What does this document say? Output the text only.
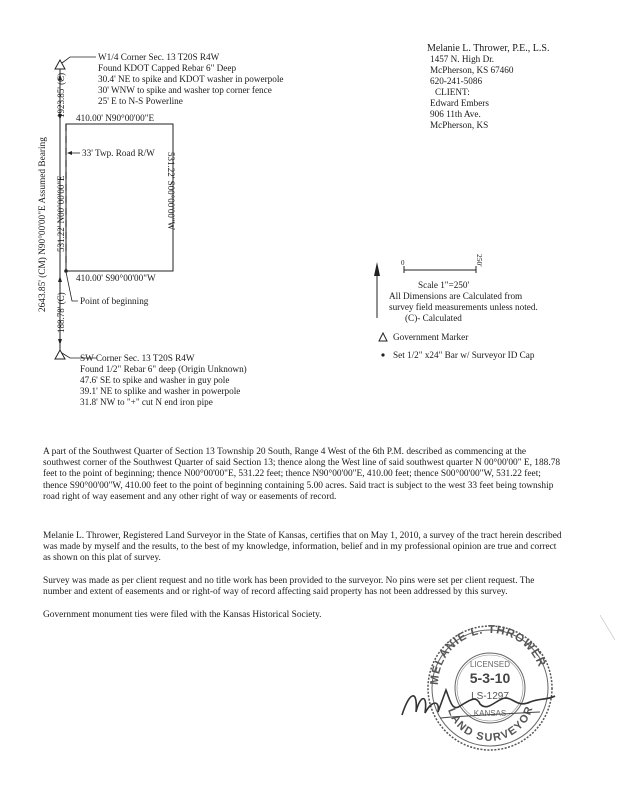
Melanie L. Thrower, P.E., L.S.
1457 N. High Dr.
McPherson, KS 67460
620-241-5086
CLIENT:
Edward Embers
906 11th Ave.
McPherson, KS
W1/4 Corner Sec. 13 T20S R4W
Found KDOT Capped Rebar 6" Deep
30.4' NE to spike and KDOT washer in powerpole
30' WNW to spike and washer top corner fence
25' E to N-S Powerline
410.00' N90°00'00"E
410.00' S90°00'00"W
33' Twp. Road R/W
Point of beginning
531.22' S00°00'00"W
531.22' N00°00'00"E
2643.85' (CM) N90°00'00"E Assumed Bearing
1923.85' (C)
188.78' (C)
SW Corner Sec. 13 T20S R4W
Found 1/2" Rebar 6" deep (Origin Unknown)
47.6' SE to spike and washer in guy pole
39.1' NE to splike and washer in powerpole
31.8' NW to "+" cut N end iron pipe
0	250'
Scale 1"=250'
All Dimensions are Calculated from
survey field measurements unless noted.
(C)- Calculated
Government Marker
Set 1/2" x24" Bar w/ Surveyor ID Cap
A part of the Southwest Quarter of Section 13 Township 20 South, Range 4 West of the 6th P.M. described as commencing at the southwest corner of the Southwest Quarter of said Section 13; thence along the West line of said southwest quarter N 00°00'00" E, 188.78 feet to the point of beginning; thence N00°00'00"E, 531.22 feet; thence N90°00'00"E, 410.00 feet; thence S00°00'00"W, 531.22 feet; thence S90°00'00"W, 410.00 feet to the point of beginning containing 5.00 acres. Said tract is subject to the west 33 feet being township road right of way easement and any other right of way or easements of record.
Melanie L. Thrower, Registered Land Surveyor in the State of Kansas, certifies that on May 1, 2010, a survey of the tract herein described was made by myself and the results, to the best of my knowledge, information, belief and in my professional opinion are true and correct as shown on this plat of survey.
Survey was made as per client request and no title work has been provided to the surveyor. No pins were set per client request. The number and extent of easements and or right-of way of record affecting said property has not been addressed by this survey.
Government monument ties were filed with the Kansas Historical Society.
MELANIE L. THROWER
LAND SURVEYOR
LICENSED
5-3-10
LS-1297
KANSAS
